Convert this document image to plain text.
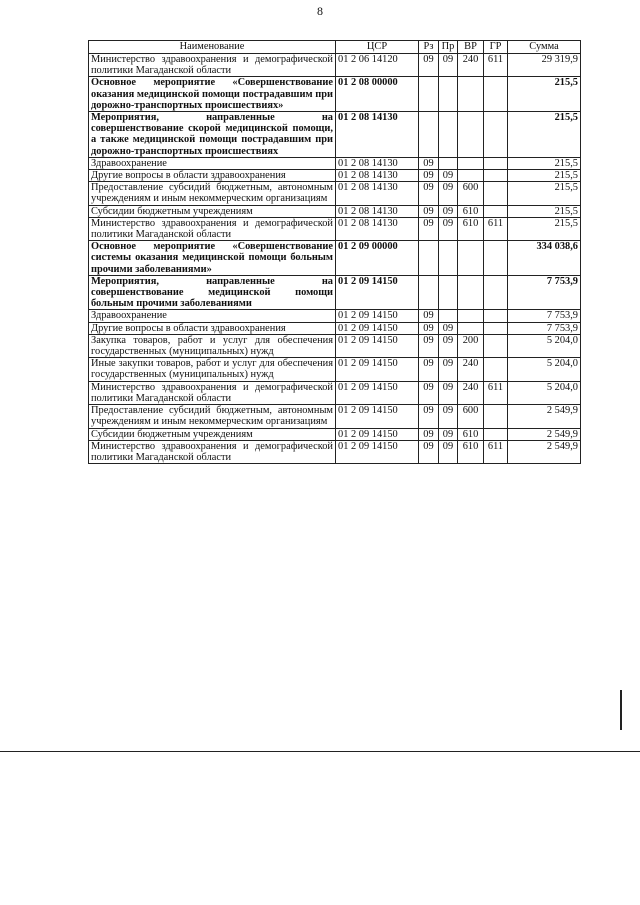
8
Наименование	ЦСР	Рз	Пр	ВР	ГР	Сумма
Министерство здравоохранения и демографической политики Магаданской области	01 2 06 14120	09	09	240	611	29 319,9
Основное мероприятие «Совершенствование оказания медицинской помощи пострадавшим при дорожно-транспортных происшествиях»	01 2 08 00000					215,5
Мероприятия, направленные на совершенствование скорой медицинской помощи, а также медицинской помощи пострадавшим при дорожно-транспортных происшествиях	01 2 08 14130					215,5
Здравоохранение	01 2 08 14130	09				215,5
Другие вопросы в области здравоохранения	01 2 08 14130	09	09			215,5
Предоставление субсидий бюджетным, автономным учреждениям и иным некоммерческим организациям	01 2 08 14130	09	09	600		215,5
Субсидии бюджетным учреждениям	01 2 08 14130	09	09	610		215,5
Министерство здравоохранения и демографической политики Магаданской области	01 2 08 14130	09	09	610	611	215,5
Основное мероприятие «Совершенствование системы оказания медицинской помощи больным прочими заболеваниями»	01 2 09 00000					334 038,6
Мероприятия, направленные на совершенствование медицинской помощи больным прочими заболеваниями	01 2 09 14150					7 753,9
Здравоохранение	01 2 09 14150	09				7 753,9
Другие вопросы в области здравоохранения	01 2 09 14150	09	09			7 753,9
Закупка товаров, работ и услуг для обеспечения государственных (муниципальных) нужд	01 2 09 14150	09	09	200		5 204,0
Иные закупки товаров, работ и услуг для обеспечения государственных (муниципальных) нужд	01 2 09 14150	09	09	240		5 204,0
Министерство здравоохранения и демографической политики Магаданской области	01 2 09 14150	09	09	240	611	5 204,0
Предоставление субсидий бюджетным, автономным учреждениям и иным некоммерческим организациям	01 2 09 14150	09	09	600		2 549,9
Субсидии бюджетным учреждениям	01 2 09 14150	09	09	610		2 549,9
Министерство здравоохранения и демографической политики Магаданской области	01 2 09 14150	09	09	610	611	2 549,9
